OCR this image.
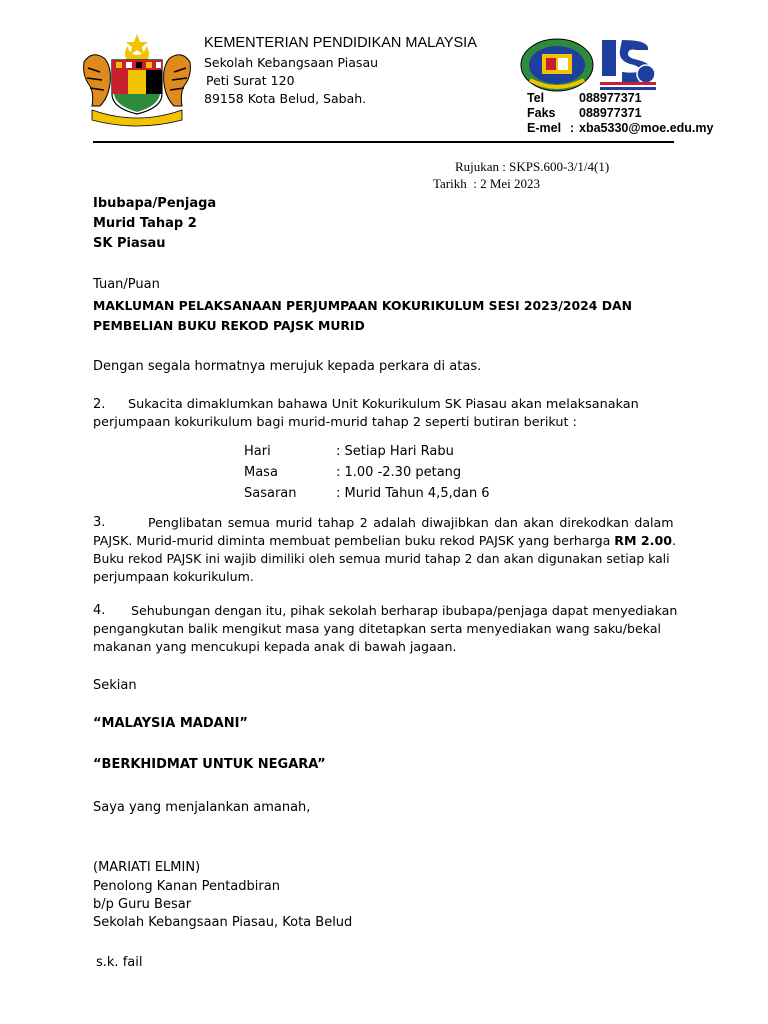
KEMENTERIAN PENDIDIKAN MALAYSIA
Sekolah Kebangsaan Piasau
Peti Surat 120
89158 Kota Belud, Sabah.	Tel	088977371
Faks 088977371
E-mel : xba5330@moe.edu.my
Rujukan : SKPS.600-3/1/4(1)
Tarikh  : 2 Mei 2023
Ibubapa/Penjaga
Murid Tahap 2
SK Piasau
Tuan/Puan
MAKLUMAN PELAKSANAAN PERJUMPAAN KOKURIKULUM SESI 2023/2024 DAN
PEMBELIAN BUKU REKOD PAJSK MURID
Dengan segala hormatnya merujuk kepada perkara di atas.
2. Sukacita dimaklumkan bahawa Unit Kokurikulum SK Piasau akan melaksanakan
perjumpaan kokurikulum bagi murid-murid tahap 2 seperti butiran berikut :
Hari	: Setiap Hari Rabu
Masa	: 1.00 -2.30 petang
Sasaran	: Murid Tahun 4,5,dan 6
3.	Penglibatan semua murid tahap 2 adalah diwajibkan dan akan direkodkan dalam
PAJSK. Murid-murid diminta membuat pembelian buku rekod PAJSK yang berharga RM 2.00.
Buku rekod PAJSK ini wajib dimiliki oleh semua murid tahap 2 dan akan digunakan setiap kali
perjumpaan kokurikulum.
4. Sehubungan dengan itu, pihak sekolah berharap ibubapa/penjaga dapat menyediakan
pengangkutan balik mengikut masa yang ditetapkan serta menyediakan wang saku/bekal
makanan yang mencukupi kepada anak di bawah jagaan.
Sekian
“MALAYSIA MADANI”
“BERKHIDMAT UNTUK NEGARA”
Saya yang menjalankan amanah,
(MARIATI ELMIN)
Penolong Kanan Pentadbiran
b/p Guru Besar
Sekolah Kebangsaan Piasau, Kota Belud
s.k. fail
